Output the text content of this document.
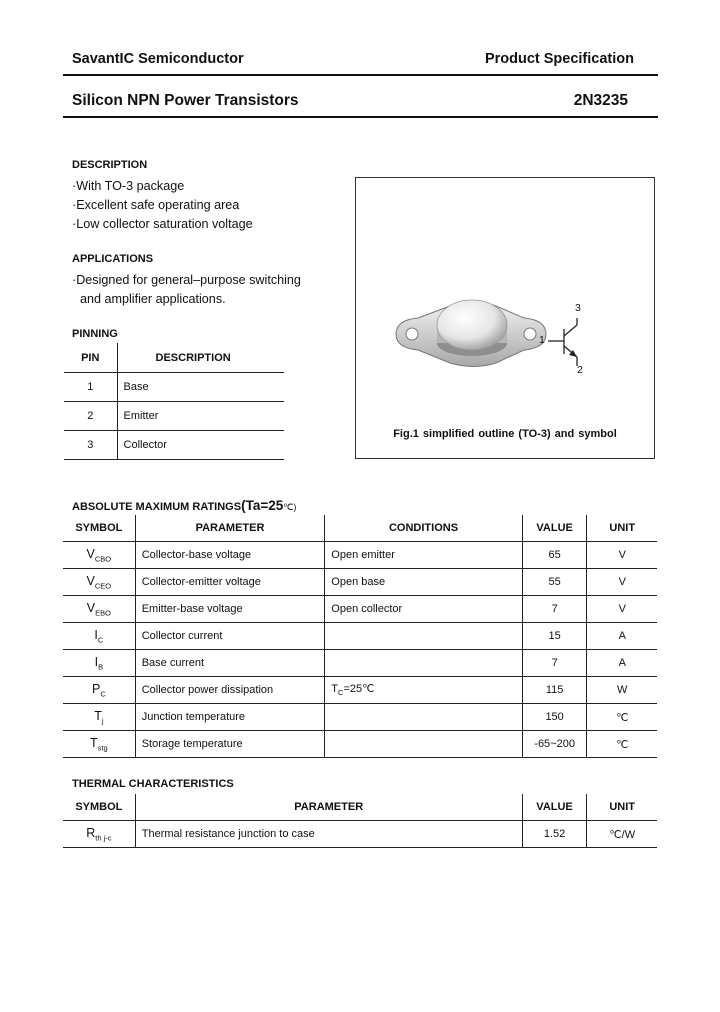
SavantIC Semiconductor	Product Specification
Silicon NPN Power Transistors	2N3235
DESCRIPTION
·With TO-3 package
·Excellent safe operating area
·Low collector saturation voltage
APPLICATIONS
·Designed for general–purpose switching
and amplifier applications.
PINNING
PIN	DESCRIPTION
1	Base
2	Emitter
3	Collector
3
1
2
Fig.1 simplified outline (TO-3) and symbol
ABSOLUTE MAXIMUM RATINGS(Ta=25℃)
SYMBOL	PARAMETER	CONDITIONS	VALUE	UNIT
$V_{CBO}$	Collector-base voltage	Open emitter	65	V
$V_{CEO}$	Collector-emitter voltage	Open base	55	V
$V_{EBO}$	Emitter-base voltage	Open collector	7	V
$I_C$	Collector current		15	A
$I_B$	Base current		7	A
$P_C$	Collector power dissipation	$T_C=25℃$	115	W
$T_j$	Junction temperature		150	℃
$T_{stg}$	Storage temperature		-65~200	℃
THERMAL CHARACTERISTICS
SYMBOL	PARAMETER	VALUE	UNIT
$R_{th j-c}$	Thermal resistance junction to case	1.52	℃/W
